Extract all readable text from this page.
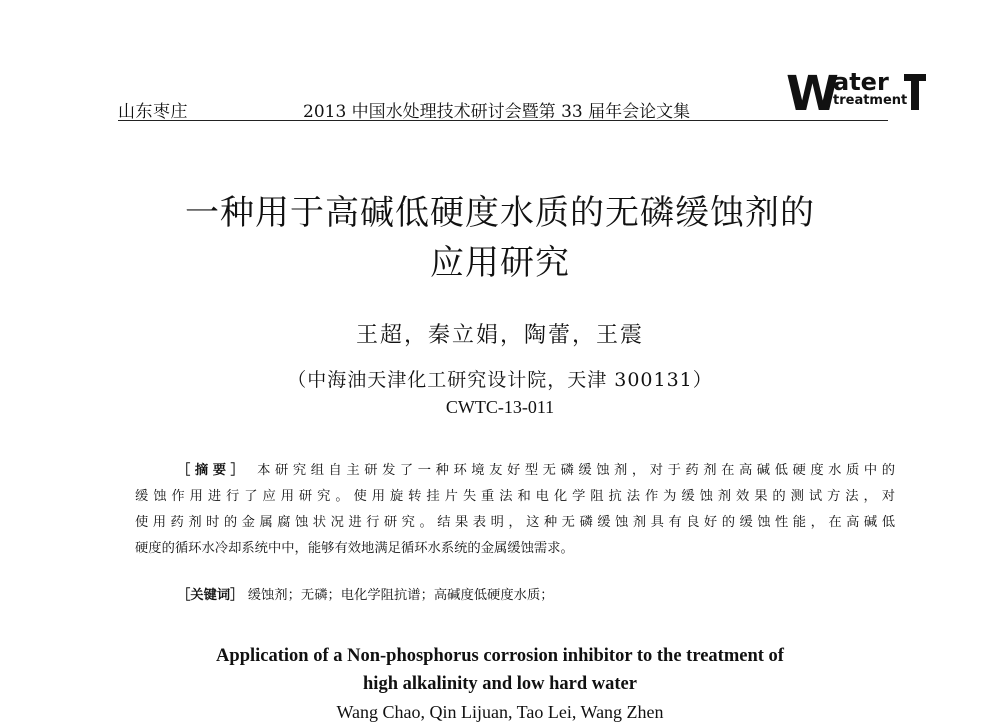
山东枣庄	2013 中国水处理技术研讨会暨第 33 届年会论文集 W
ater
treatment
一种用于高碱低硬度水质的无磷缓蚀剂的
应用研究
王超，秦立娟，陶蕾，王震
（中海油天津化工研究设计院，天津 300131）
CWTC-13-011
［摘要］ 本研究组自主研发了一种环境友好型无磷缓蚀剂，对于药剂在高碱低硬度水质中的
缓蚀作用进行了应用研究。使用旋转挂片失重法和电化学阻抗法作为缓蚀剂效果的测试方法，对
使用药剂时的金属腐蚀状况进行研究。结果表明，这种无磷缓蚀剂具有良好的缓蚀性能，在高碱低
硬度的循环水冷却系统中中，能够有效地满足循环水系统的金属缓蚀需求。
［关键词］ 缓蚀剂；无磷；电化学阻抗谱；高碱度低硬度水质；
Application of a Non-phosphorus corrosion inhibitor to the treatment of
high alkalinity and low hard water
Wang Chao, Qin Lijuan, Tao Lei, Wang Zhen
